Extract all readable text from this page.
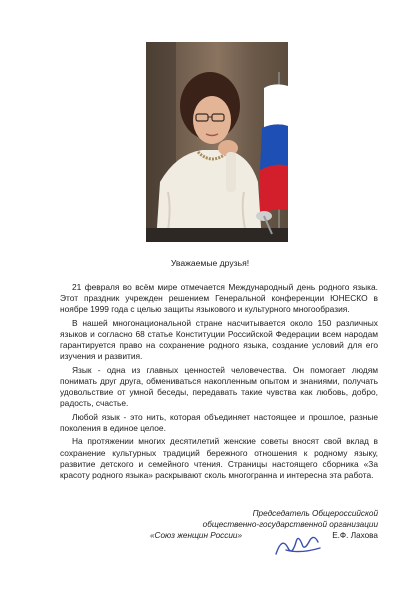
Уважаемые друзья!

21 февраля во всём мире отмечается Международный день родного языка. Этот праздник учрежден решением Генеральной конференции ЮНЕСКО в ноябре 1999 года с целью защиты языкового и культурного многообразия.

В нашей многонациональной стране насчитывается около 150 различных языков и согласно 68 статье Конституции Российской Федерации всем народам гарантируется право на сохранение родного языка, создание условий для его изучения и развития.

Язык - одна из главных ценностей человечества. Он помогает людям понимать друг друга, обмениваться накопленным опытом и знаниями, получать удовольствие от умной беседы, передавать такие чувства как любовь, добро, радость, счастье.

Любой язык - это нить, которая объединяет настоящее и прошлое, разные поколения в единое целое.

На протяжении многих десятилетий женские советы вносят свой вклад в сохранение культурных традиций бережного отношения к родному языку, развитие детского и семейного чтения. Страницы настоящего сборника «За красоту родного языка» раскрывают сколь многогранна и интересна эта работа.

Председатель Общероссийской
общественно-государственной организации
«Союз женщин России»	Е.Ф. Лахова
